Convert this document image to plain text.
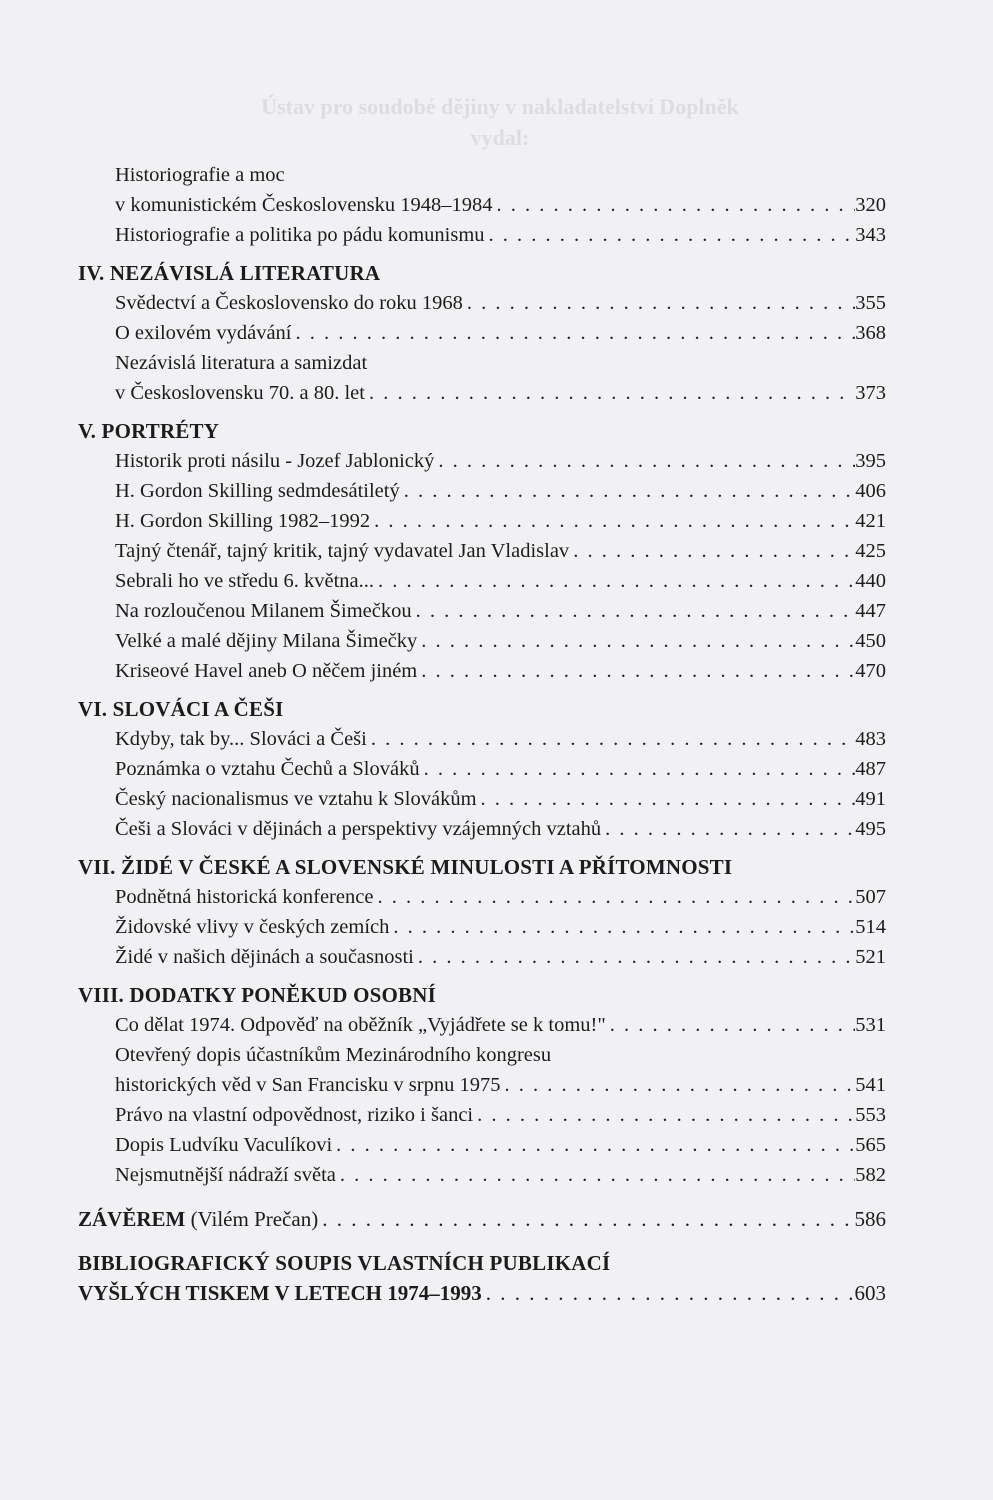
Ústav pro soudobé dějiny v nakladatelství Doplněk
vydal:
Historiografie a moc
v komunistickém Československu 1948–1984 . . .	320
Historiografie a politika po pádu komunismu . . .	343
IV. NEZÁVISLÁ LITERATURA
Svědectví a Československo do roku 1968 . . .	355
O exilovém vydávání . . .	368
Nezávislá literatura a samizdat
v Československu 70. a 80. let . . .	373
V. PORTRÉTY
Historik proti násilu - Jozef Jablonický . . .	395
H. Gordon Skilling sedmdesátiletý . . .	406
H. Gordon Skilling 1982–1992 . . .	421
Tajný čtenář, tajný kritik, tajný vydavatel Jan Vladislav . . .	425
Sebrali ho ve středu 6. května... . . .	440
Na rozloučenou Milanem Šimečkou . . .	447
Velké a malé dějiny Milana Šimečky . . .	450
Kriseové Havel aneb O něčem jiném . . .	470
VI. SLOVÁCI A ČEŠI
Kdyby, tak by... Slováci a Češi . . .	483
Poznámka o vztahu Čechů a Slováků . . .	487
Český nacionalismus ve vztahu k Slovákům . . .	491
Češi a Slováci v dějinách a perspektivy vzájemných vztahů . . .	495
VII. ŽIDÉ V ČESKÉ A SLOVENSKÉ MINULOSTI A PŘÍTOMNOSTI
Podnětná historická konference . . .	507
Židovské vlivy v českých zemích . . .	514
Židé v našich dějinách a současnosti . . .	521
VIII. DODATKY PONĚKUD OSOBNÍ
Co dělat 1974. Odpověď na oběžník „Vyjádřete se k tomu!" . . .	531
Otevřený dopis účastníkům Mezinárodního kongresu
historických věd v San Francisku v srpnu 1975 . . .	541
Právo na vlastní odpovědnost, riziko i šanci . . .	553
Dopis Ludvíku Vaculíkovi . . .	565
Nejsmutnější nádraží světa . . .	582
ZÁVĚREM
(Vilém Prečan) . . .	586
BIBLIOGRAFICKÝ SOUPIS VLASTNÍCH PUBLIKACÍ
VYŠLÝCH TISKEM V LETECH 1974–1993 . . .	603
